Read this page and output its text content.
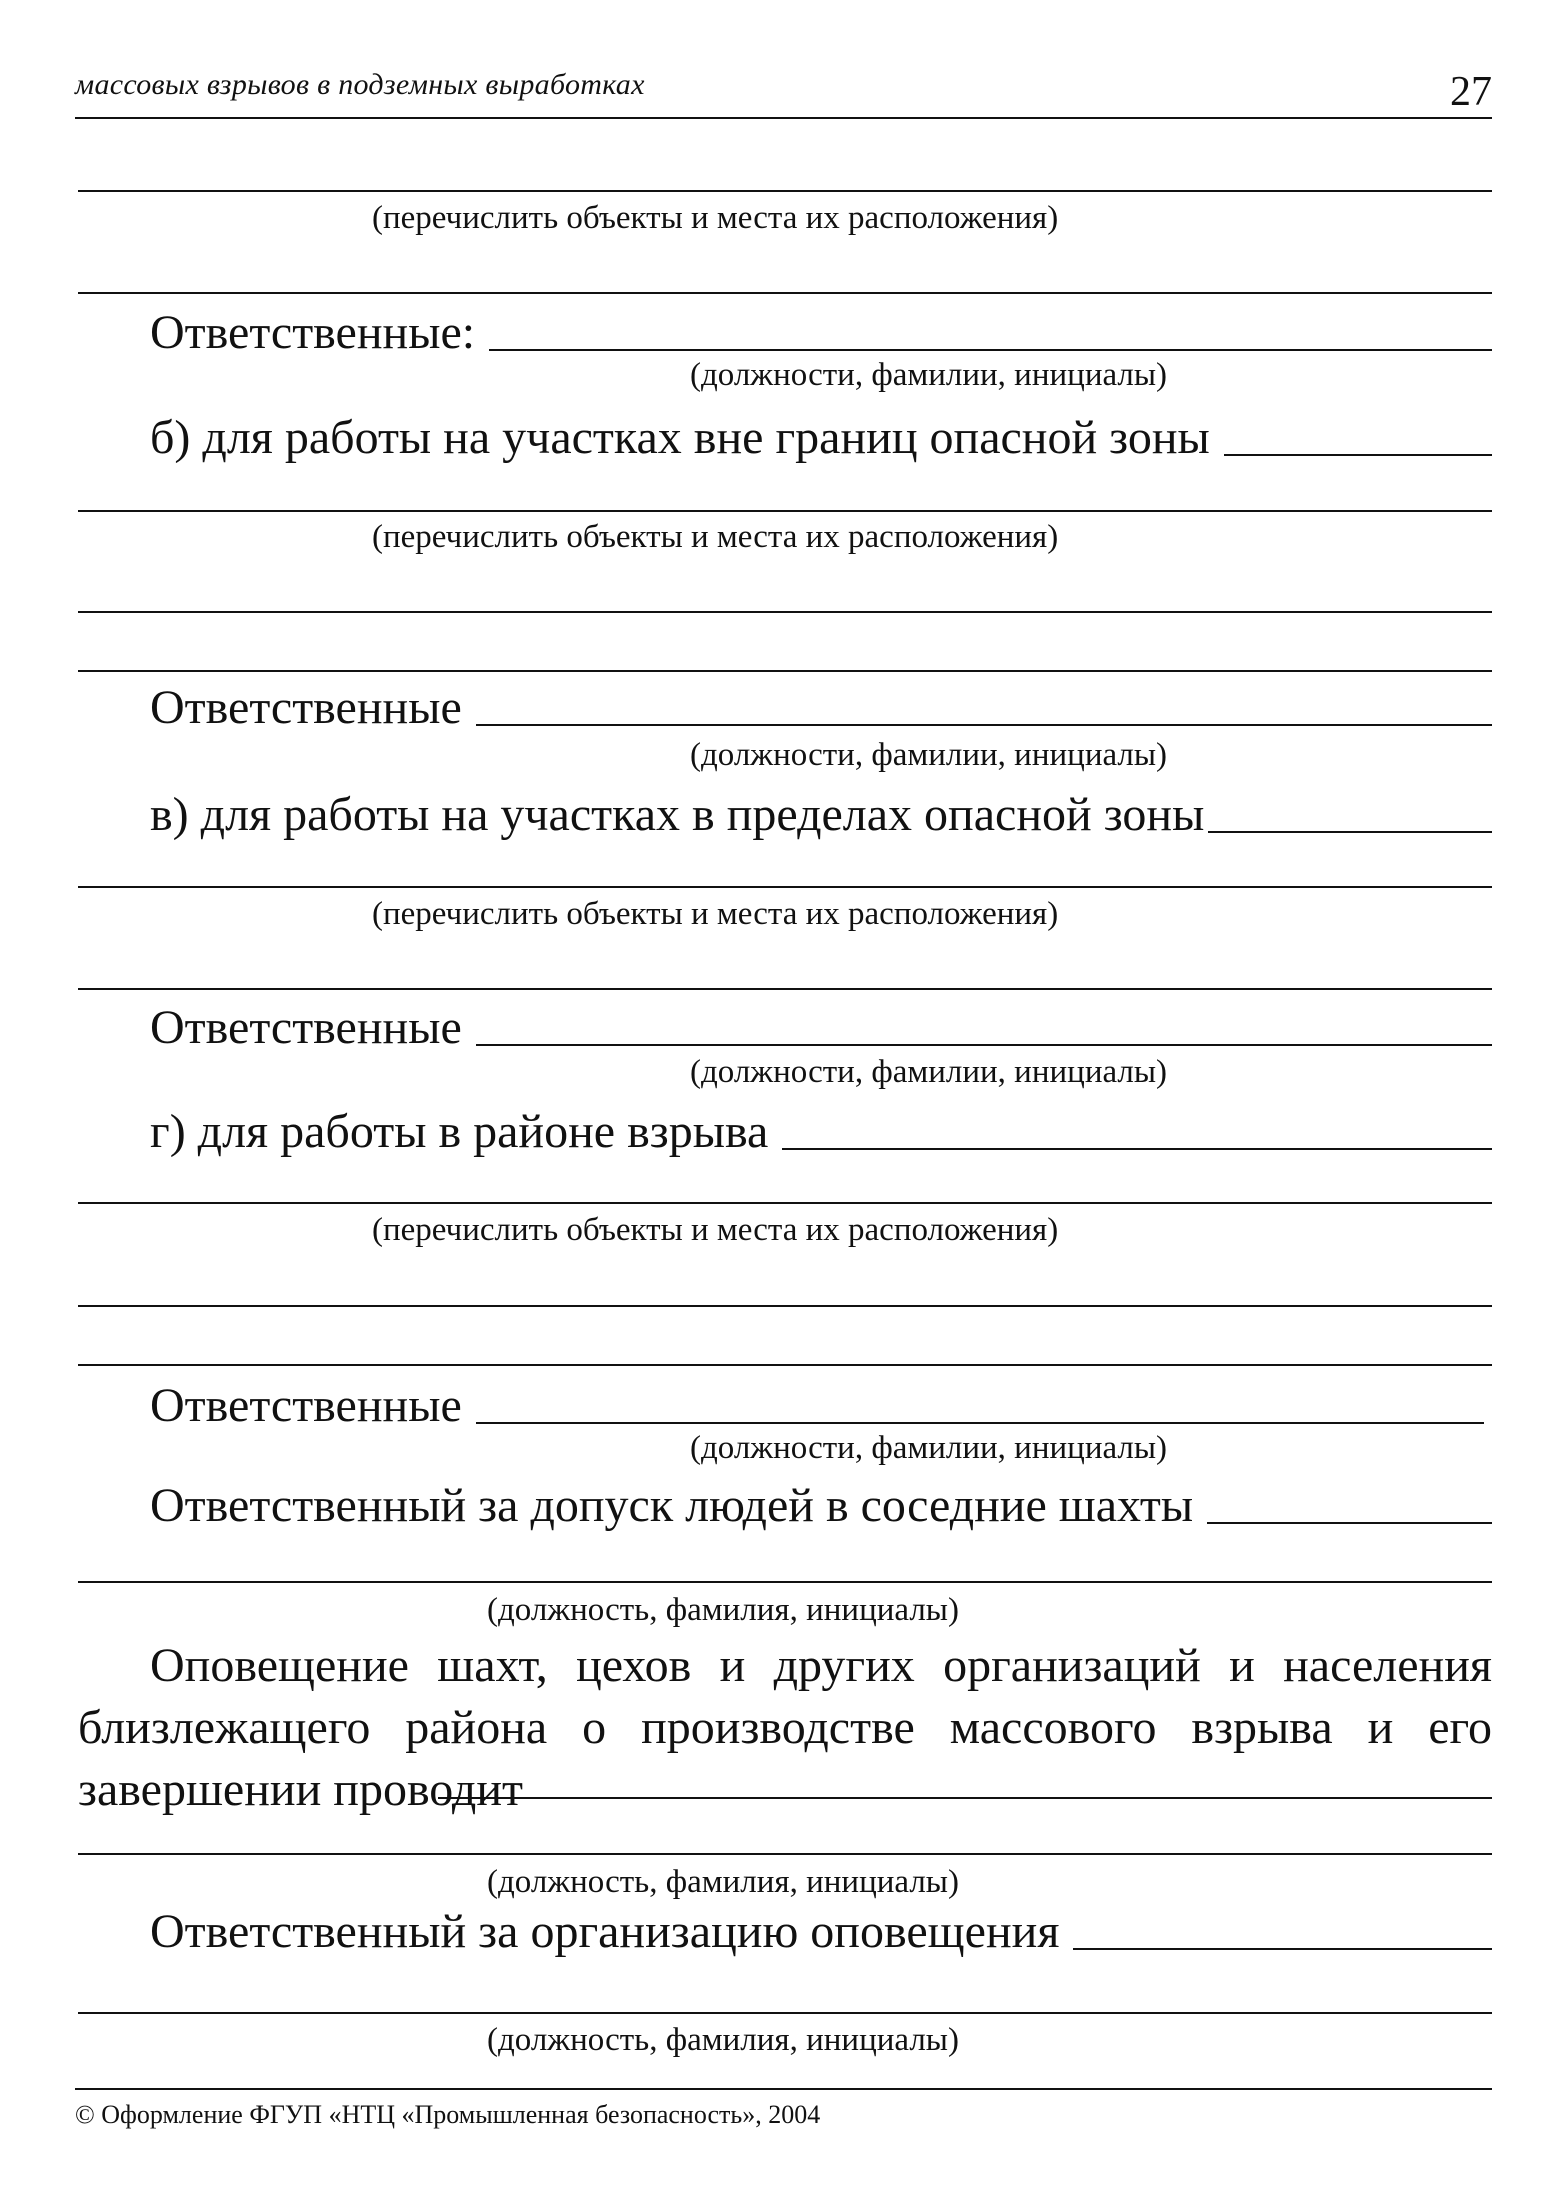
массовых взрывов в подземных выработках	27
(перечислить объекты и места их расположения)
Ответственные:
(должности, фамилии, инициалы)
б) для работы на участках вне границ опасной зоны
(перечислить объекты и места их расположения)
Ответственные
(должности, фамилии, инициалы)
в) для работы на участках в пределах опасной зоны
(перечислить объекты и места их расположения)
Ответственные
(должности, фамилии, инициалы)
г) для работы в районе взрыва
(перечислить объекты и места их расположения)
Ответственные
(должности, фамилии, инициалы)
Ответственный за допуск людей в соседние шахты
(должность, фамилия, инициалы)
Оповещение шахт, цехов и других организаций и населения близлежащего района о производстве массового взрыва и его завершении проводит
(должность, фамилия, инициалы)
Ответственный за организацию оповещения
(должность, фамилия, инициалы)
© Оформление ФГУП «НТЦ «Промышленная безопасность», 2004
